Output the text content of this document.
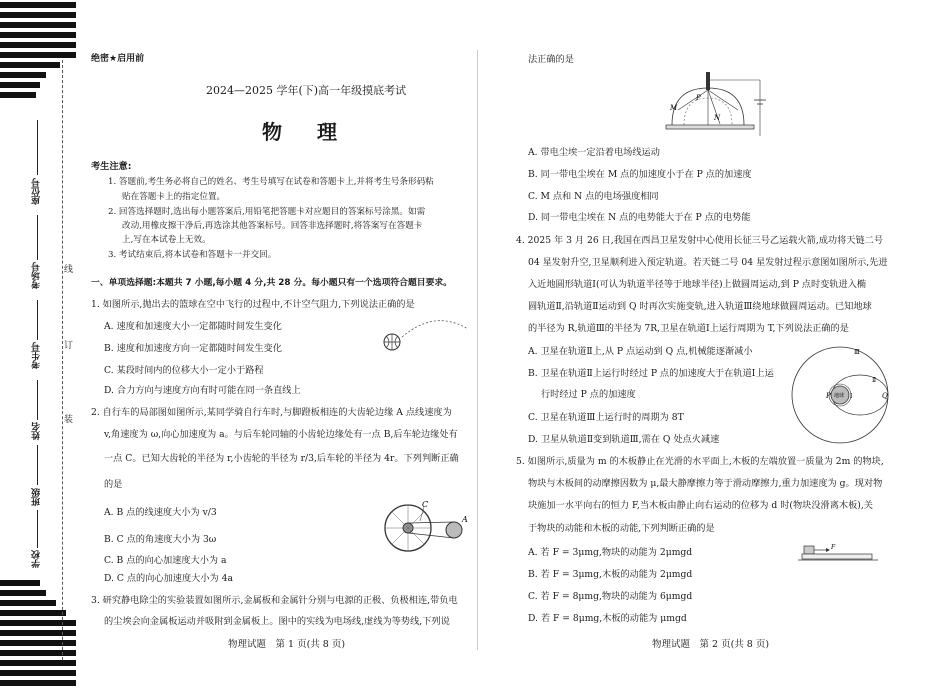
座位号
考场号
考生号
姓名
班级
学校
线
订
装
绝密★启用前
2024—2025 学年(下)高一年级摸底考试
物 理
考生注意:
1. 答题前,考生务必将自己的姓名、考生号填写在试卷和答题卡上,并将考生号条形码粘
贴在答题卡上的指定位置。
2. 回答选择题时,选出每小题答案后,用铅笔把答题卡对应题目的答案标号涂黑。如需
改动,用橡皮擦干净后,再选涂其他答案标号。回答非选择题时,将答案写在答题卡
上,写在本试卷上无效。
3. 考试结束后,将本试卷和答题卡一并交回。
一、单项选择题:本题共 7 小题,每小题 4 分,共 28 分。每小题只有一个选项符合题目要求。
1. 如图所示,抛出去的篮球在空中飞行的过程中,不计空气阻力,下列说法正确的是
A. 速度和加速度大小一定都随时间发生变化
B. 速度和加速度方向一定都随时间发生变化
C. 某段时间内的位移大小一定小于路程
D. 合力方向与速度方向有时可能在同一条直线上
2. 自行车的局部图如图所示,某同学骑自行车时,与脚蹬板相连的大齿轮边缘 A 点线速度为
v,角速度为 ω,向心加速度为 a。与后车轮同轴的小齿轮边缘处有一点 B,后车轮边缘处有
一点 C。已知大齿轮的半径为 r,小齿轮的半径为 r/3,后车轮的半径为 4r。下列判断正确
的是
A. B 点的线速度大小为 v/3
B. C 点的角速度大小为 3ω
C. B 点的向心加速度大小为 a
D. C 点的向心加速度大小为 4a
C
A
3. 研究静电除尘的实验装置如图所示,金属板和金属针分别与电源的正极、负极相连,带负电
的尘埃会向金属板运动并吸附到金属板上。图中的实线为电场线,虚线为等势线,下列说
物理试题　第 1 页(共 8 页)
法正确的是
M
P
N
A. 带电尘埃一定沿着电场线运动
B. 同一带电尘埃在 M 点的加速度小于在 P 点的加速度
C. M 点和 N 点的电场强度相同
D. 同一带电尘埃在 N 点的电势能大于在 P 点的电势能
4. 2025 年 3 月 26 日,我国在西昌卫星发射中心使用长征三号乙运载火箭,成功将天链二号
04 星发射升空,卫星顺利进入预定轨道。若天链二号 04 星发射过程示意图如图所示,先进
入近地圆形轨道Ⅰ(可认为轨道半径等于地球半径)上做圆周运动,到 P 点时变轨进入椭
圆轨道Ⅱ,沿轨道Ⅱ运动到 Q 时再次实施变轨,进入轨道Ⅲ绕地球做圆周运动。已知地球
的半径为 R,轨道Ⅲ的半径为 7R,卫星在轨道Ⅰ上运行周期为 T,下列说法正确的是
A. 卫星在轨道Ⅱ上,从 P 点运动到 Q 点,机械能逐渐减小
B. 卫星在轨道Ⅱ上运行时经过 P 点的加速度大于在轨道Ⅰ上运
行时经过 P 点的加速度
C. 卫星在轨道Ⅲ上运行时的周期为 8T
D. 卫星从轨道Ⅱ变到轨道Ⅲ,需在 Q 处点火减速
地球
Ⅲ
Ⅱ
Ⅰ
P	Q
5. 如图所示,质量为 m 的木板静止在光滑的水平面上,木板的左端放置一质量为 2m 的物块,
物块与木板间的动摩擦因数为 μ,最大静摩擦力等于滑动摩擦力,重力加速度为 g。现对物
块施加一水平向右的恒力 F,当木板由静止向右运动的位移为 d 时(物块没滑离木板),关
于物块的动能和木板的动能,下列判断正确的是
A. 若 F = 3μmg,物块的动能为 2μmgd
B. 若 F = 3μmg,木板的动能为 2μmgd
C. 若 F = 8μmg,物块的动能为 6μmgd
D. 若 F = 8μmg,木板的动能为 μmgd
F
物理试题　第 2 页(共 8 页)
